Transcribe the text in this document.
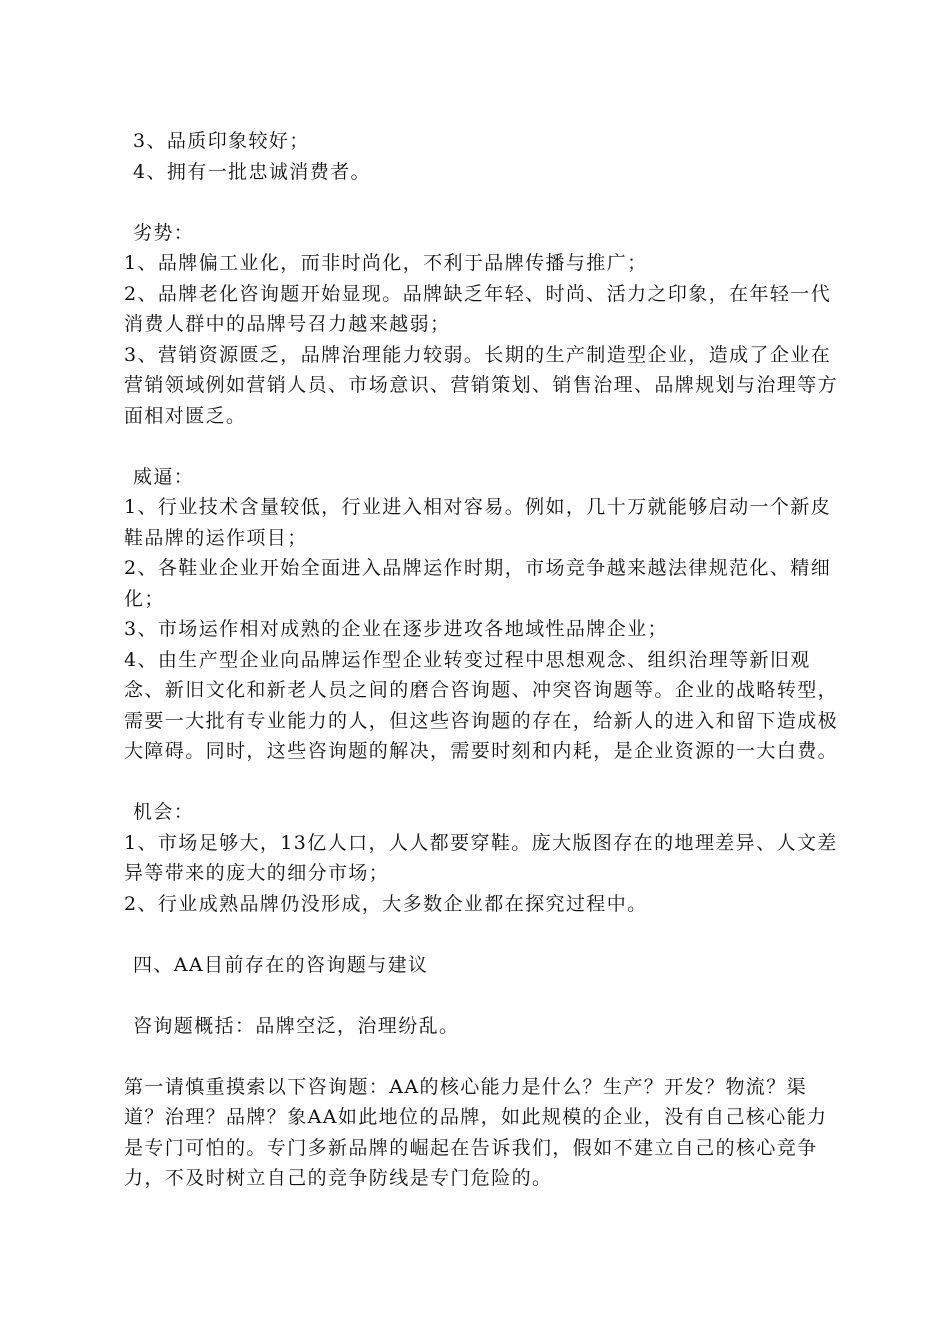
3、品质印象较好；

4、拥有一批忠诚消费者。

劣势：

1、品牌偏工业化，而非时尚化，不利于品牌传播与推广；

2、品牌老化咨询题开始显现。品牌缺乏年轻、时尚、活力之印象，在年轻一代消费人群中的品牌号召力越来越弱；

3、营销资源匮乏，品牌治理能力较弱。长期的生产制造型企业，造成了企业在营销领域例如营销人员、市场意识、营销策划、销售治理、品牌规划与治理等方面相对匮乏。

威逼：

1、行业技术含量较低，行业进入相对容易。例如，几十万就能够启动一个新皮鞋品牌的运作项目；

2、各鞋业企业开始全面进入品牌运作时期，市场竞争越来越法律规范化、精细化；

3、市场运作相对成熟的企业在逐步进攻各地域性品牌企业；

4、由生产型企业向品牌运作型企业转变过程中思想观念、组织治理等新旧观念、新旧文化和新老人员之间的磨合咨询题、冲突咨询题等。企业的战略转型，需要一大批有专业能力的人，但这些咨询题的存在，给新人的进入和留下造成极大障碍。同时，这些咨询题的解决，需要时刻和内耗，是企业资源的一大白费。

机会：

1、市场足够大，13亿人口，人人都要穿鞋。庞大版图存在的地理差异、人文差异等带来的庞大的细分市场；

2、行业成熟品牌仍没形成，大多数企业都在探究过程中。

四、AA目前存在的咨询题与建议

咨询题概括：品牌空泛，治理纷乱。

第一请慎重摸索以下咨询题：AA的核心能力是什么？生产？开发？物流？渠道？治理？品牌？象AA如此地位的品牌，如此规模的企业，没有自己核心能力是专门可怕的。专门多新品牌的崛起在告诉我们，假如不建立自己的核心竞争力，不及时树立自己的竞争防线是专门危险的。
